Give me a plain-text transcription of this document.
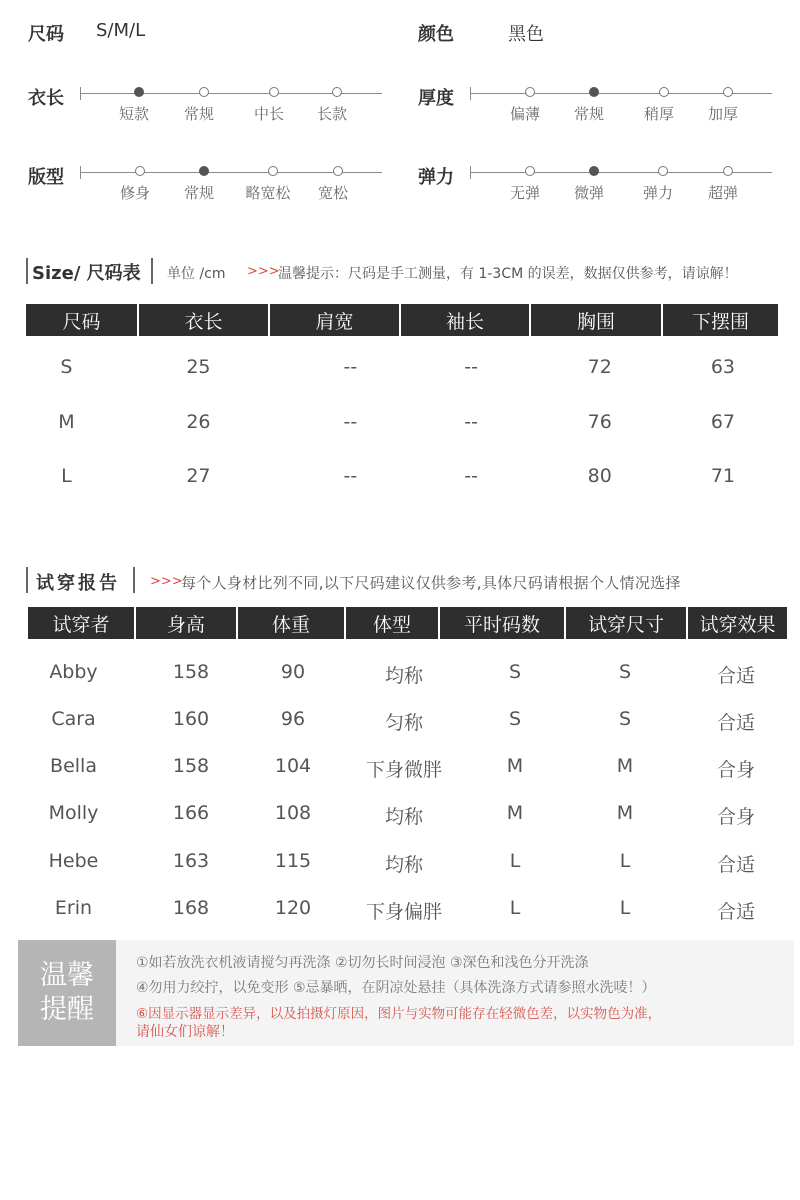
尺码 S/M/L	颜色	黑色
衣长
短款	常规	中长	长款
厚度
偏薄	常规	稍厚	加厚
版型
修身	常规	略宽松	宽松
弹力
无弹	微弹	弹力	超弹
Size/ 尺码表 单位 /cm >>>
温馨提示：尺码是手工测量，有 1-3CM 的误差，数据仅供参考，请谅解！
尺码	衣长	肩宽	袖长	胸围	下摆围
S	25	--	--	72	63
M	26	--	--	76	67
L	27	--	--	80	71
试穿报告 >>>
每个人身材比列不同,以下尺码建议仅供参考,具体尺码请根据个人情况选择
试穿者	身高	体重	体型	平时码数	试穿尺寸	试穿效果
Abby	158	90	均称	S	S	合适
Cara	160	96	匀称	S	S	合适
Bella	158	104	下身微胖	M	M	合身
Molly	166	108	均称	M	M	合身
Hebe	163	115	均称	L	L	合适
Erin	168	120	下身偏胖	L	L	合适
温馨
提醒
①如若放洗衣机液请搅匀再洗涤 ②切勿长时间浸泡 ③深色和浅色分开洗涤
④勿用力绞拧，以免变形 ⑤忌暴晒，在阴凉处悬挂（具体洗涤方式请参照水洗唛！）
⑥因显示器显示差异，以及拍摄灯原因，图片与实物可能存在轻微色差，以实物色为准，
请仙女们谅解！
